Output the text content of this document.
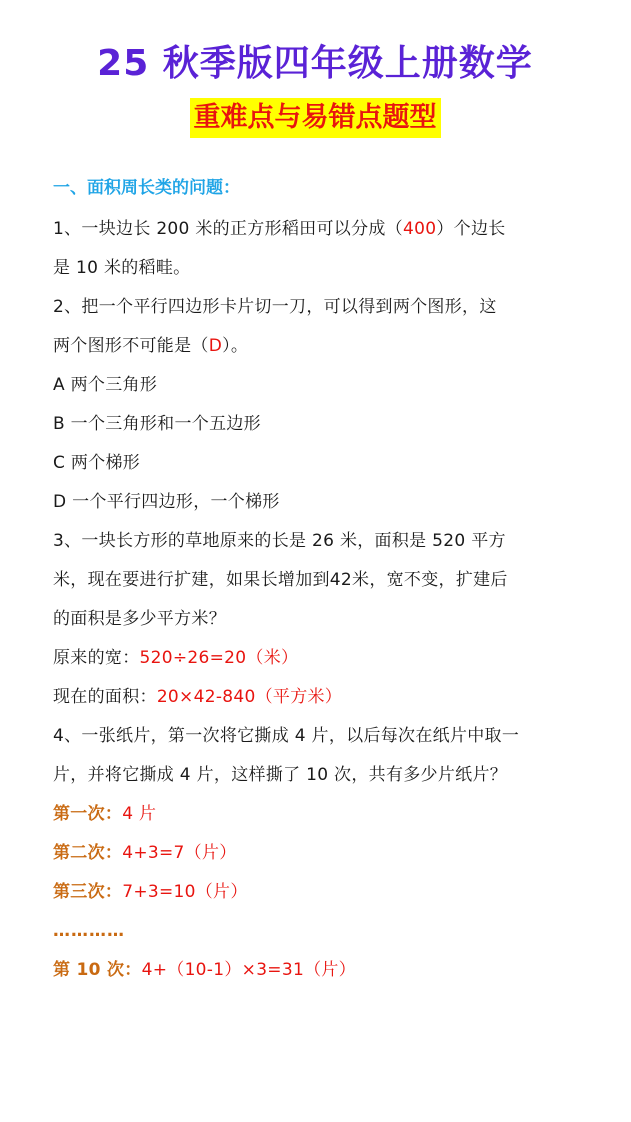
25 秋季版四年级上册数学
重难点与易错点题型
一、面积周长类的问题：
1、一块边长 200 米的正方形稻田可以分成（400）个边长
是 10 米的稻畦。
2、把一个平行四边形卡片切一刀，可以得到两个图形，这
两个图形不可能是（D）。
A 两个三角形
B 一个三角形和一个五边形
C 两个梯形
D 一个平行四边形，一个梯形
3、一块长方形的草地原来的长是 26 米，面积是 520 平方
米，现在要进行扩建，如果长增加到42米，宽不变，扩建后
的面积是多少平方米？
原来的宽：520÷26=20（米）
现在的面积：20×42-840（平方米）
4、一张纸片，第一次将它撕成 4 片，以后每次在纸片中取一
片，并将它撕成 4 片，这样撕了 10 次，共有多少片纸片？
第一次：4 片
第二次：4+3=7（片）
第三次：7+3=10（片）
…………
第 10 次：4+（10-1）×3=31（片）
